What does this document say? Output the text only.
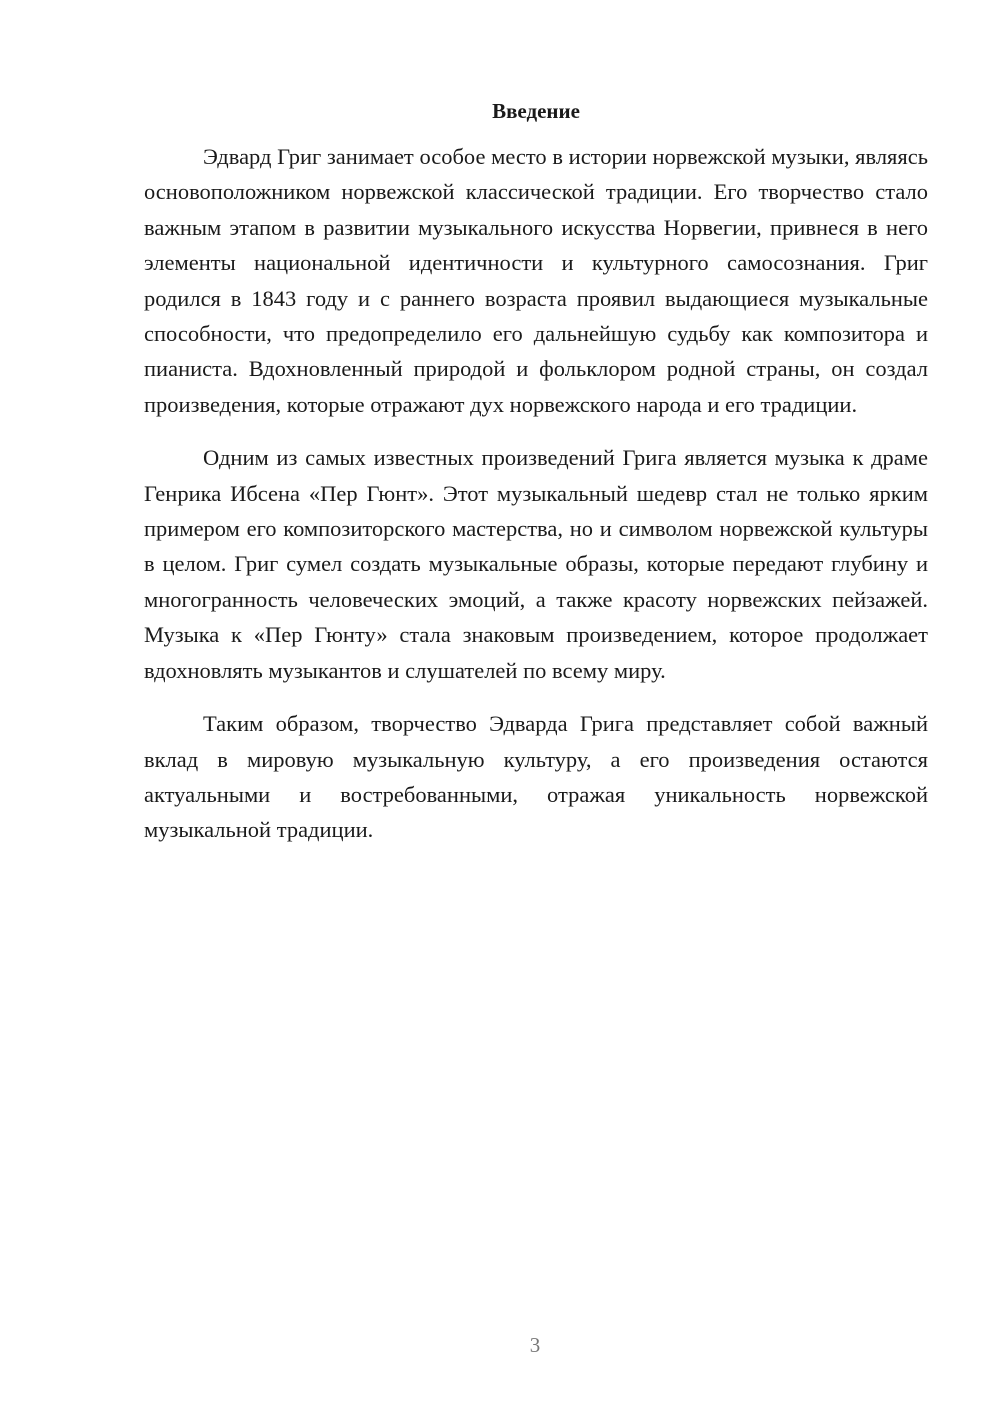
Введение

Эдвард Григ занимает особое место в истории норвежской музыки, являясь основоположником норвежской классической традиции. Его творчество стало важным этапом в развитии музыкального искусства Норвегии, привнеся в него элементы национальной идентичности и культурного самосознания. Григ родился в 1843 году и с раннего возраста проявил выдающиеся музыкальные способности, что предопределило его дальнейшую судьбу как композитора и пианиста. Вдохновленный природой и фольклором родной страны, он создал произведения, которые отражают дух норвежского народа и его традиции.

Одним из самых известных произведений Грига является музыка к драме Генрика Ибсена «Пер Гюнт». Этот музыкальный шедевр стал не только ярким примером его композиторского мастерства, но и символом норвежской культуры в целом. Григ сумел создать музыкальные образы, которые передают глубину и многогранность человеческих эмоций, а также красоту норвежских пейзажей. Музыка к «Пер Гюнту» стала знаковым произведением, которое продолжает вдохновлять музыкантов и слушателей по всему миру.

Таким образом, творчество Эдварда Грига представляет собой важный вклад в мировую музыкальную культуру, а его произведения остаются актуальными и востребованными, отражая уникальность норвежской музыкальной традиции.

3
